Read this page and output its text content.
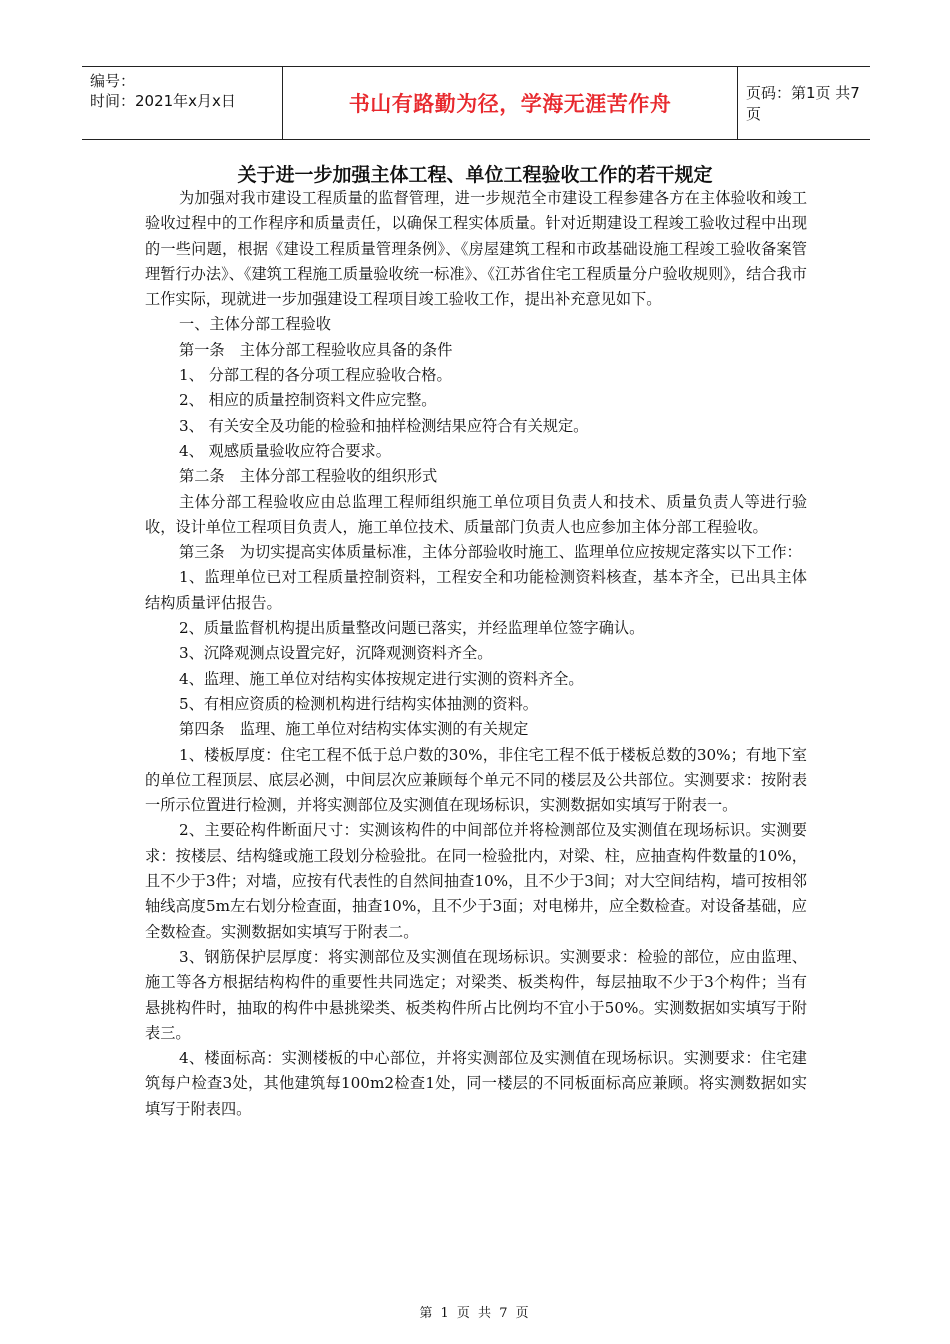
编号：
时间：2021年x月x日	书山有路勤为径，学海无涯苦作舟	页码：第1页 共7页
关于进一步加强主体工程、单位工程验收工作的若干规定

为加强对我市建设工程质量的监督管理，进一步规范全市建设工程参建各方在主体验收和竣工验收过程中的工作程序和质量责任，以确保工程实体质量。针对近期建设工程竣工验收过程中出现的一些问题，根据《建设工程质量管理条例》、《房屋建筑工程和市政基础设施工程竣工验收备案管理暂行办法》、《建筑工程施工质量验收统一标准》、《江苏省住宅工程质量分户验收规则》，结合我市工作实际，现就进一步加强建设工程项目竣工验收工作，提出补充意见如下。

一、主体分部工程验收

第一条　主体分部工程验收应具备的条件

1、 分部工程的各分项工程应验收合格。

2、 相应的质量控制资料文件应完整。

3、 有关安全及功能的检验和抽样检测结果应符合有关规定。

4、 观感质量验收应符合要求。

第二条　主体分部工程验收的组织形式

主体分部工程验收应由总监理工程师组织施工单位项目负责人和技术、质量负责人等进行验收，设计单位工程项目负责人，施工单位技术、质量部门负责人也应参加主体分部工程验收。

第三条　为切实提高实体质量标准，主体分部验收时施工、监理单位应按规定落实以下工作：

1、监理单位已对工程质量控制资料，工程安全和功能检测资料核查，基本齐全，已出具主体结构质量评估报告。

2、质量监督机构提出质量整改问题已落实，并经监理单位签字确认。

3、沉降观测点设置完好，沉降观测资料齐全。

4、监理、施工单位对结构实体按规定进行实测的资料齐全。

5、有相应资质的检测机构进行结构实体抽测的资料。

第四条　监理、施工单位对结构实体实测的有关规定

1、楼板厚度：住宅工程不低于总户数的30%，非住宅工程不低于楼板总数的30%；有地下室的单位工程顶层、底层必测，中间层次应兼顾每个单元不同的楼层及公共部位。实测要求：按附表一所示位置进行检测，并将实测部位及实测值在现场标识，实测数据如实填写于附表一。

2、主要砼构件断面尺寸：实测该构件的中间部位并将检测部位及实测值在现场标识。实测要求：按楼层、结构缝或施工段划分检验批。在同一检验批内，对梁、柱，应抽查构件数量的10%，且不少于3件；对墙，应按有代表性的自然间抽查10%，且不少于3间；对大空间结构，墙可按相邻轴线高度5m左右划分检查面，抽查10%，且不少于3面；对电梯井，应全数检查。对设备基础，应全数检查。实测数据如实填写于附表二。

3、钢筋保护层厚度：将实测部位及实测值在现场标识。实测要求：检验的部位，应由监理、施工等各方根据结构构件的重要性共同选定；对梁类、板类构件，每层抽取不少于3个构件；当有悬挑构件时，抽取的构件中悬挑梁类、板类构件所占比例均不宜小于50%。实测数据如实填写于附表三。

4、楼面标高：实测楼板的中心部位，并将实测部位及实测值在现场标识。实测要求：住宅建筑每户检查3处，其他建筑每100m2检查1处，同一楼层的不同板面标高应兼顾。将实测数据如实填写于附表四。

第 1 页 共 7 页
